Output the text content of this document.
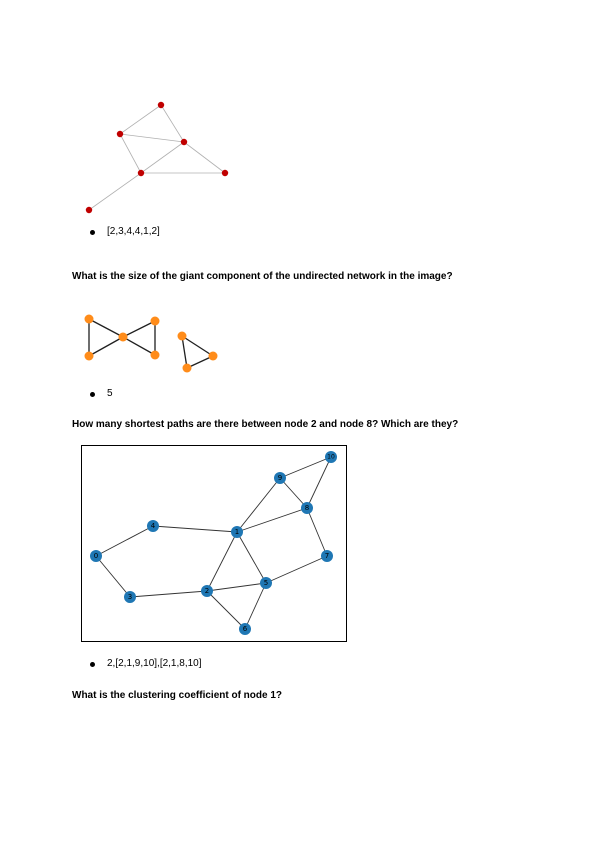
[2,3,4,4,1,2]
What is the size of the giant component of the undirected network in the image?
5
How many shortest paths are there between node 2 and node 8? Which are they?
0
1
2
3
4
5
6
7
8
9
10
2,[2,1,9,10],[2,1,8,10]
What is the clustering coefficient of node 1?
